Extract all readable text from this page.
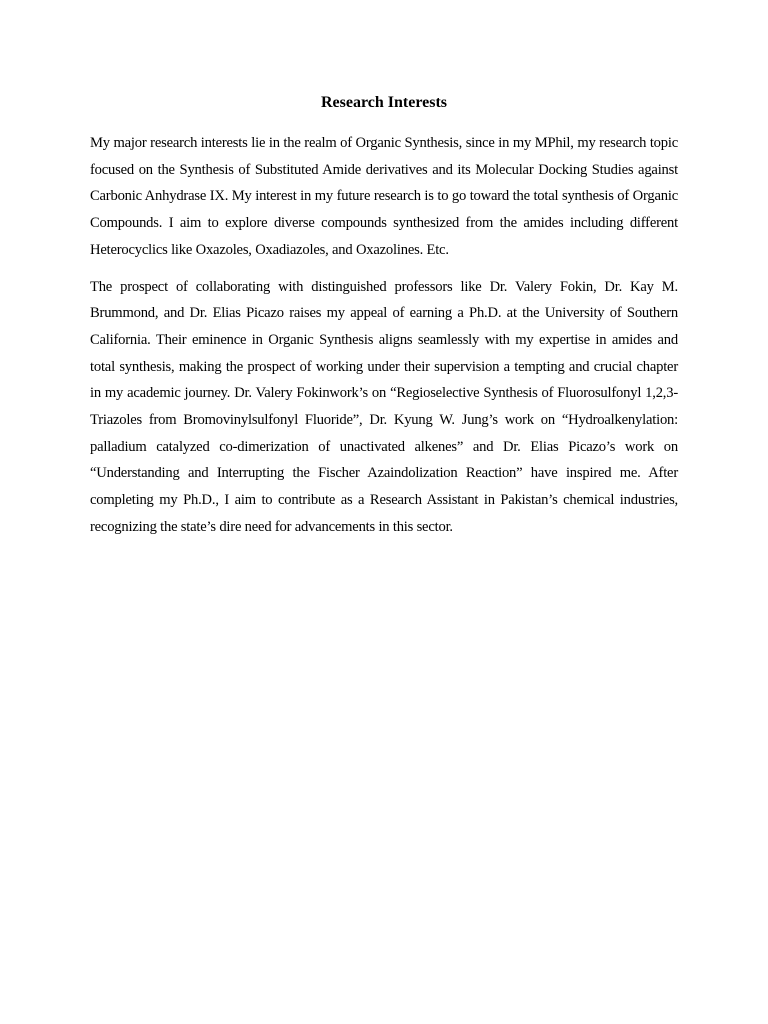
Research Interests

My major research interests lie in the realm of Organic Synthesis, since in my MPhil, my research topic focused on the Synthesis of Substituted Amide derivatives and its Molecular Docking Studies against Carbonic Anhydrase IX. My interest in my future research is to go toward the total synthesis of Organic Compounds. I aim to explore diverse compounds synthesized from the amides including different Heterocyclics like Oxazoles, Oxadiazoles, and Oxazolines. Etc.

The prospect of collaborating with distinguished professors like Dr. Valery Fokin, Dr. Kay M. Brummond, and Dr. Elias Picazo raises my appeal of earning a Ph.D. at the University of Southern California. Their eminence in Organic Synthesis aligns seamlessly with my expertise in amides and total synthesis, making the prospect of working under their supervision a tempting and crucial chapter in my academic journey. Dr. Valery Fokinwork’s on “Regioselective Synthesis of Fluorosulfonyl 1,2,3-Triazoles from Bromovinylsulfonyl Fluoride”, Dr. Kyung W. Jung’s work on “Hydroalkenylation: palladium catalyzed co-dimerization of unactivated alkenes” and Dr. Elias Picazo’s work on “Understanding and Interrupting the Fischer Azaindolization Reaction” have inspired me. After completing my Ph.D., I aim to contribute as a Research Assistant in Pakistan’s chemical industries, recognizing the state’s dire need for advancements in this sector.
